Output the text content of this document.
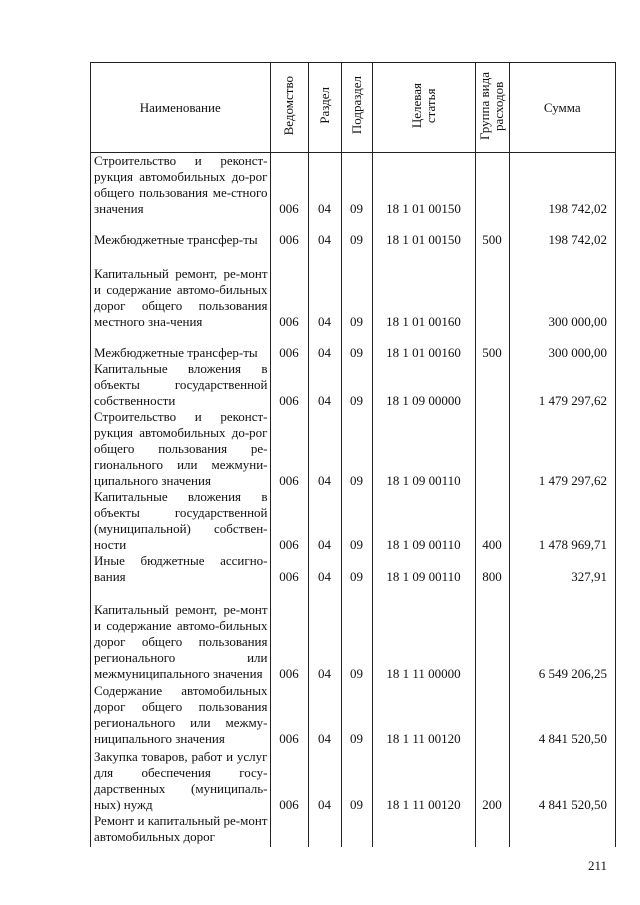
Наименование	Ведомство	Раздел	Подраздел	Целевая
статья	Группа вида
расходов	Сумма
Строительство и реконст-рукция автомобильных до-рог общего пользования ме-стного значения	006	04	09	18 1 01 00150		198 742,02
Межбюджетные трансфер-ты	006	04	09	18 1 01 00150	500	198 742,02
Капитальный ремонт, ре-монт и содержание автомо-бильных дорог общего пользования местного зна-чения	006	04	09	18 1 01 00160		300 000,00
Межбюджетные трансфер-ты	006	04	09	18 1 01 00160	500	300 000,00
Капитальные вложения в объекты государственной собственности	006	04	09	18 1 09 00000		1 479 297,62
Строительство и реконст-рукция автомобильных до-рог общего пользования ре-гионального или межмуни-ципального значения	006	04	09	18 1 09 00110		1 479 297,62
Капитальные вложения в объекты государственной (муниципальной) собствен-ности	006	04	09	18 1 09 00110	400	1 478 969,71
Иные бюджетные ассигно-вания	006	04	09	18 1 09 00110	800	327,91
Капитальный ремонт, ре-монт и содержание автомо-бильных дорог общего пользования регионального или межмуниципального значения	006	04	09	18 1 11 00000		6 549 206,25
Содержание автомобильных дорог общего пользования регионального или межму-ниципального значения	006	04	09	18 1 11 00120		4 841 520,50
Закупка товаров, работ и услуг для обеспечения госу-дарственных (муниципаль-ных) нужд	006	04	09	18 1 11 00120	200	4 841 520,50
Ремонт и капитальный ре-монт автомобильных дорог						
211
